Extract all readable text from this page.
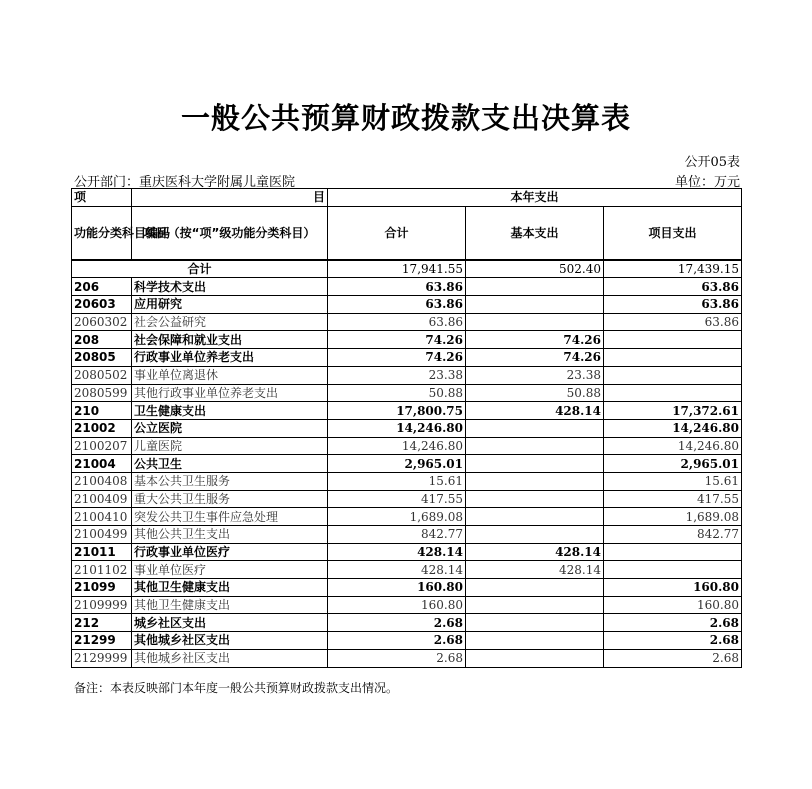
一般公共预算财政拨款支出决算表
公开05表
公开部门：重庆医科大学附属儿童医院	单位：万元
项	目	本年支出		
功能分类科目编码	项目（按“项”级功能分类科目）	合计	基本支出	项目支出
合计		17,941.55	502.40	17,439.15
206	科学技术支出	63.86		63.86
20603	应用研究	63.86		63.86
2060302	社会公益研究	63.86		63.86
208	社会保障和就业支出	74.26	74.26	
20805	行政事业单位养老支出	74.26	74.26	
2080502	事业单位离退休	23.38	23.38	
2080599	其他行政事业单位养老支出	50.88	50.88	
210	卫生健康支出	17,800.75	428.14	17,372.61
21002	公立医院	14,246.80		14,246.80
2100207	儿童医院	14,246.80		14,246.80
21004	公共卫生	2,965.01		2,965.01
2100408	基本公共卫生服务	15.61		15.61
2100409	重大公共卫生服务	417.55		417.55
2100410	突发公共卫生事件应急处理	1,689.08		1,689.08
2100499	其他公共卫生支出	842.77		842.77
21011	行政事业单位医疗	428.14	428.14	
2101102	事业单位医疗	428.14	428.14	
21099	其他卫生健康支出	160.80		160.80
2109999	其他卫生健康支出	160.80		160.80
212	城乡社区支出	2.68		2.68
21299	其他城乡社区支出	2.68		2.68
2129999	其他城乡社区支出	2.68		2.68
备注：本表反映部门本年度一般公共预算财政拨款支出情况。
